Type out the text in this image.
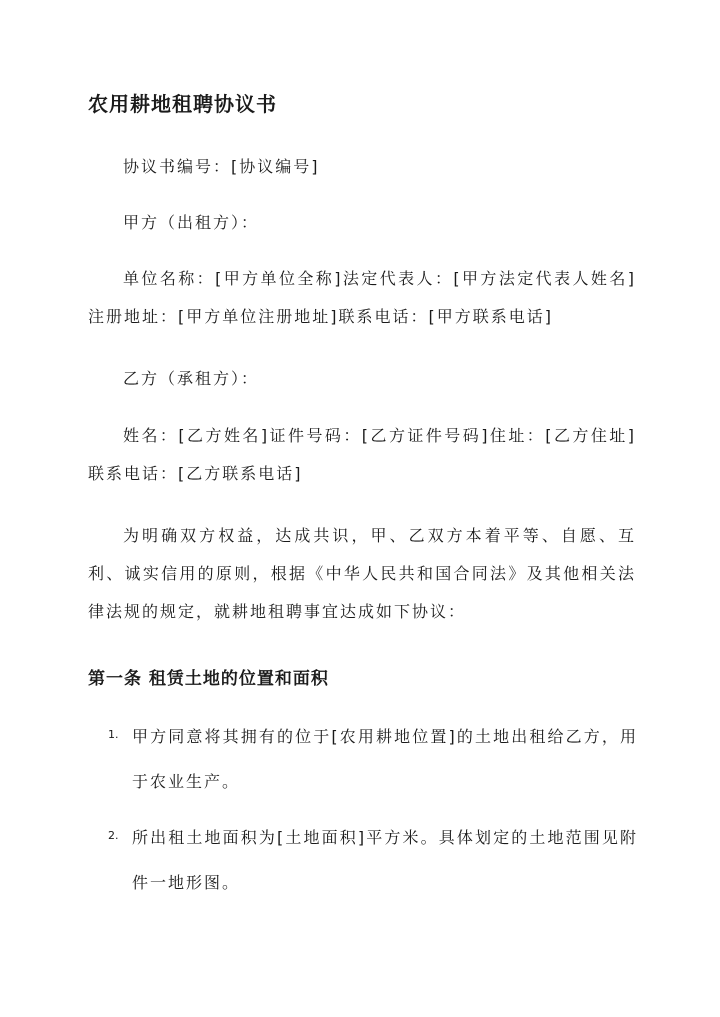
农用耕地租聘协议书

协议书编号：[协议编号]

甲方（出租方）：

单位名称：[甲方单位全称]法定代表人：[甲方法定代表人姓名]注册地址：[甲方单位注册地址]联系电话：[甲方联系电话]

乙方（承租方）：

姓名：[乙方姓名]证件号码：[乙方证件号码]住址：[乙方住址]联系电话：[乙方联系电话]

为明确双方权益，达成共识，甲、乙双方本着平等、自愿、互利、诚实信用的原则，根据《中华人民共和国合同法》及其他相关法律法规的规定，就耕地租聘事宜达成如下协议：

第一条 租赁土地的位置和面积
1. 甲方同意将其拥有的位于[农用耕地位置]的土地出租给乙方，用于农业生产。
2. 所出租土地面积为[土地面积]平方米。具体划定的土地范围见附件一地形图。
